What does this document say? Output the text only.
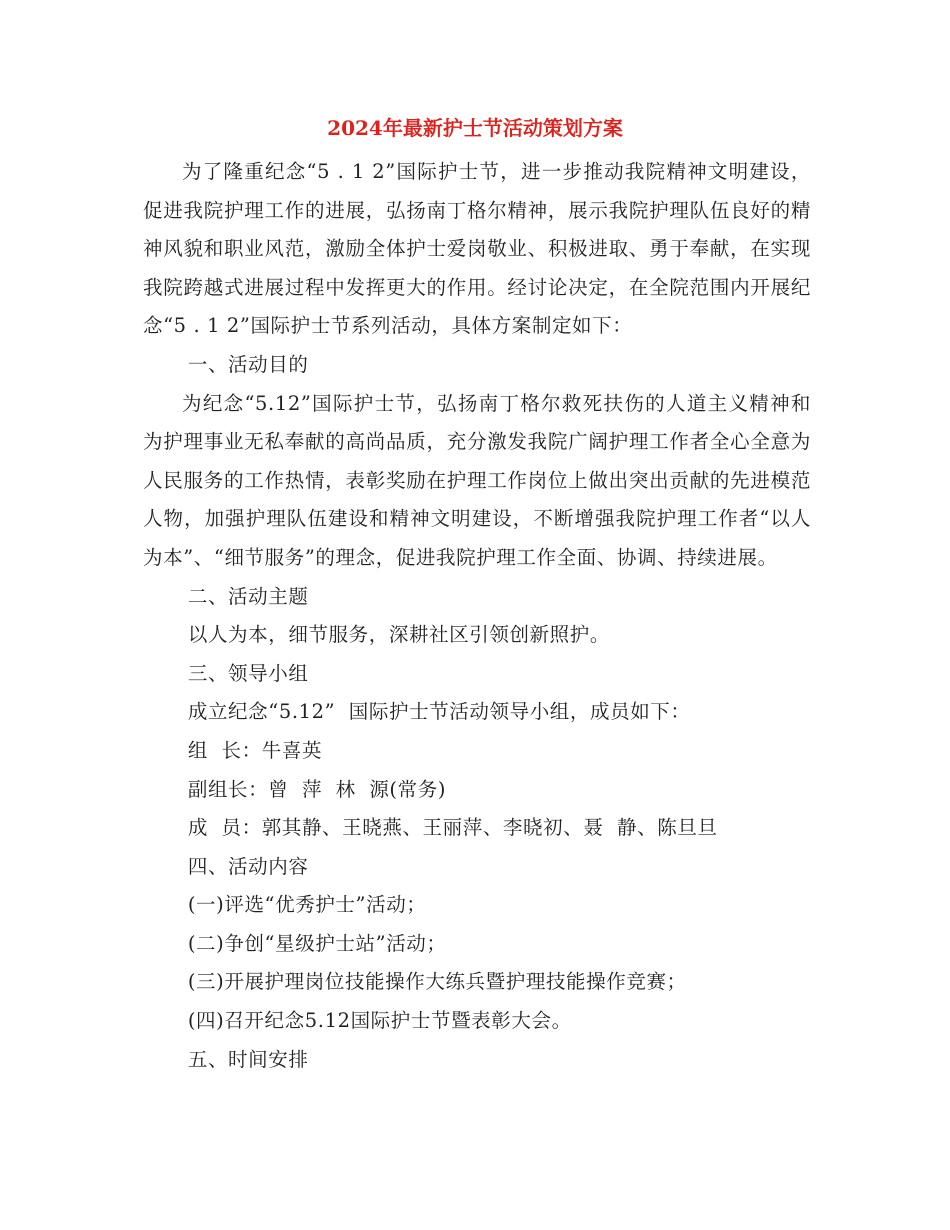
2024年最新护士节活动策划方案

为了隆重纪念“5 . 1 2”国际护士节，进一步推动我院精神文明建设，促进我院护理工作的进展，弘扬南丁格尔精神，展示我院护理队伍良好的精神风貌和职业风范，激励全体护士爱岗敬业、积极进取、勇于奉献，在实现我院跨越式进展过程中发挥更大的作用。经讨论决定，在全院范围内开展纪念“5 . 1 2”国际护士节系列活动，具体方案制定如下：

一、活动目的

为纪念“5.12”国际护士节，弘扬南丁格尔救死扶伤的人道主义精神和为护理事业无私奉献的高尚品质，充分激发我院广阔护理工作者全心全意为人民服务的工作热情，表彰奖励在护理工作岗位上做出突出贡献的先进模范人物，加强护理队伍建设和精神文明建设，不断增强我院护理工作者“以人为本”、“细节服务”的理念，促进我院护理工作全面、协调、持续进展。

二、活动主题

以人为本，细节服务，深耕社区引领创新照护。

三、领导小组

成立纪念“5.12”  国际护士节活动领导小组，成员如下：

组  长：牛喜英

副组长：曾  萍  林  源(常务)

成  员：郭其静、王晓燕、王丽萍、李晓初、聂  静、陈旦旦

四、活动内容

(一)评选“优秀护士”活动；

(二)争创“星级护士站”活动；

(三)开展护理岗位技能操作大练兵暨护理技能操作竞赛；

(四)召开纪念5.12国际护士节暨表彰大会。

五、时间安排
